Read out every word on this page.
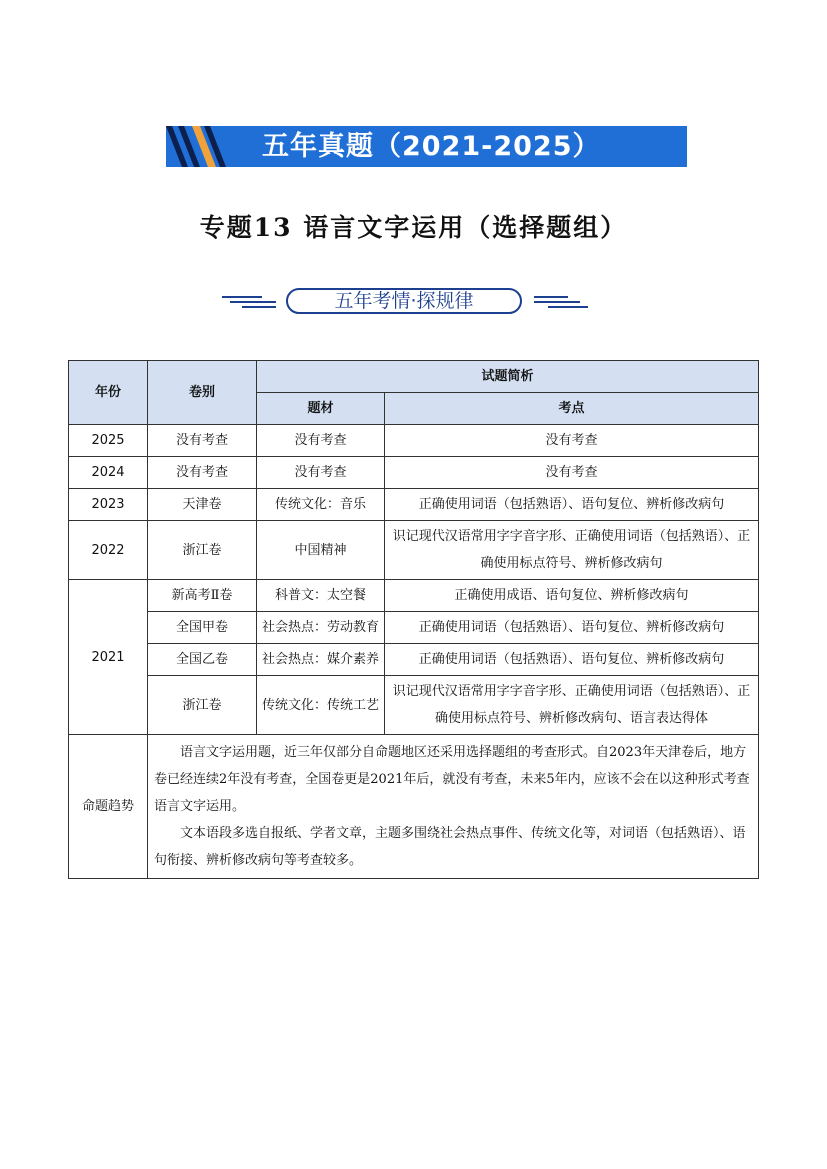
五年真题（2021-2025）
专题13 语言文字运用（选择题组）
五年考情·探规律
年份	卷别	试题简析	
		题材	考点
2025	没有考查	没有考查	没有考查
2024	没有考查	没有考查	没有考查
2023	天津卷	传统文化：音乐	正确使用词语（包括熟语）、语句复位、辨析修改病句
2022	浙江卷	中国精神	识记现代汉语常用字字音字形、正确使用词语（包括熟语）、正确使用标点符号、辨析修改病句
2021	新高考Ⅱ卷	科普文：太空餐	正确使用成语、语句复位、辨析修改病句
	全国甲卷	社会热点：劳动教育	正确使用词语（包括熟语）、语句复位、辨析修改病句
	全国乙卷	社会热点：媒介素养	正确使用词语（包括熟语）、语句复位、辨析修改病句
	浙江卷	传统文化：传统工艺	识记现代汉语常用字字音字形、正确使用词语（包括熟语）、正确使用标点符号、辨析修改病句、语言表达得体
命题趋势	语言文字运用题，近三年仅部分自命题地区还采用选择题组的考查形式。自2023年天津卷后，地方卷已经连续2年没有考查，全国卷更是2021年后，就没有考查，未来5年内，应该不会在以这种形式考查语言文字运用。

文本语段多选自报纸、学者文章，主题多围绕社会热点事件、传统文化等，对词语（包括熟语）、语句衔接、辨析修改病句等考查较多。		
